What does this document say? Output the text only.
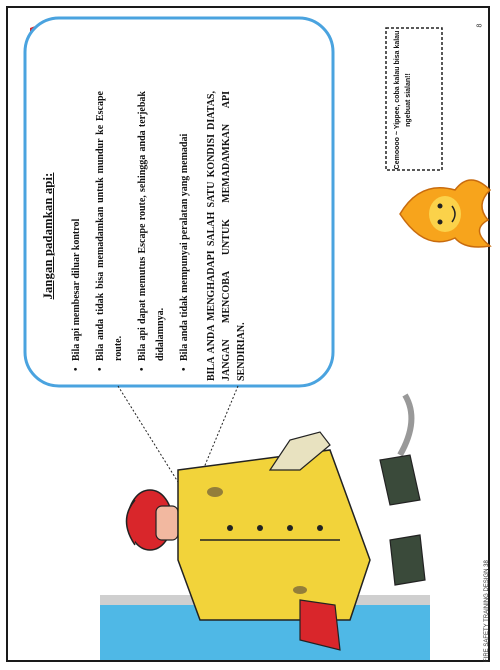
Jangan padamkan api:	• Bila api membesar diluar kontrol	• Bila anda tidak bisa memadamkan untuk mundur ke Escape route.	• Bila api dapat memutus Escape route, sehingga anda terjebak didalamnya.	• Bila anda tidak mempunyai peralatan yang memadai	BILA ANDA MENGHADAPI SALAH SATU KONDISI DIATAS, JANGAN MENCOBA UNTUK MEMADAMKAN API SENDIRIAN.
Cemoooo ~ Yippee, coba kalau bisa kalau ngebuat sialan!!
FIRE SAFETY TRAINING DESIGN 38
8
